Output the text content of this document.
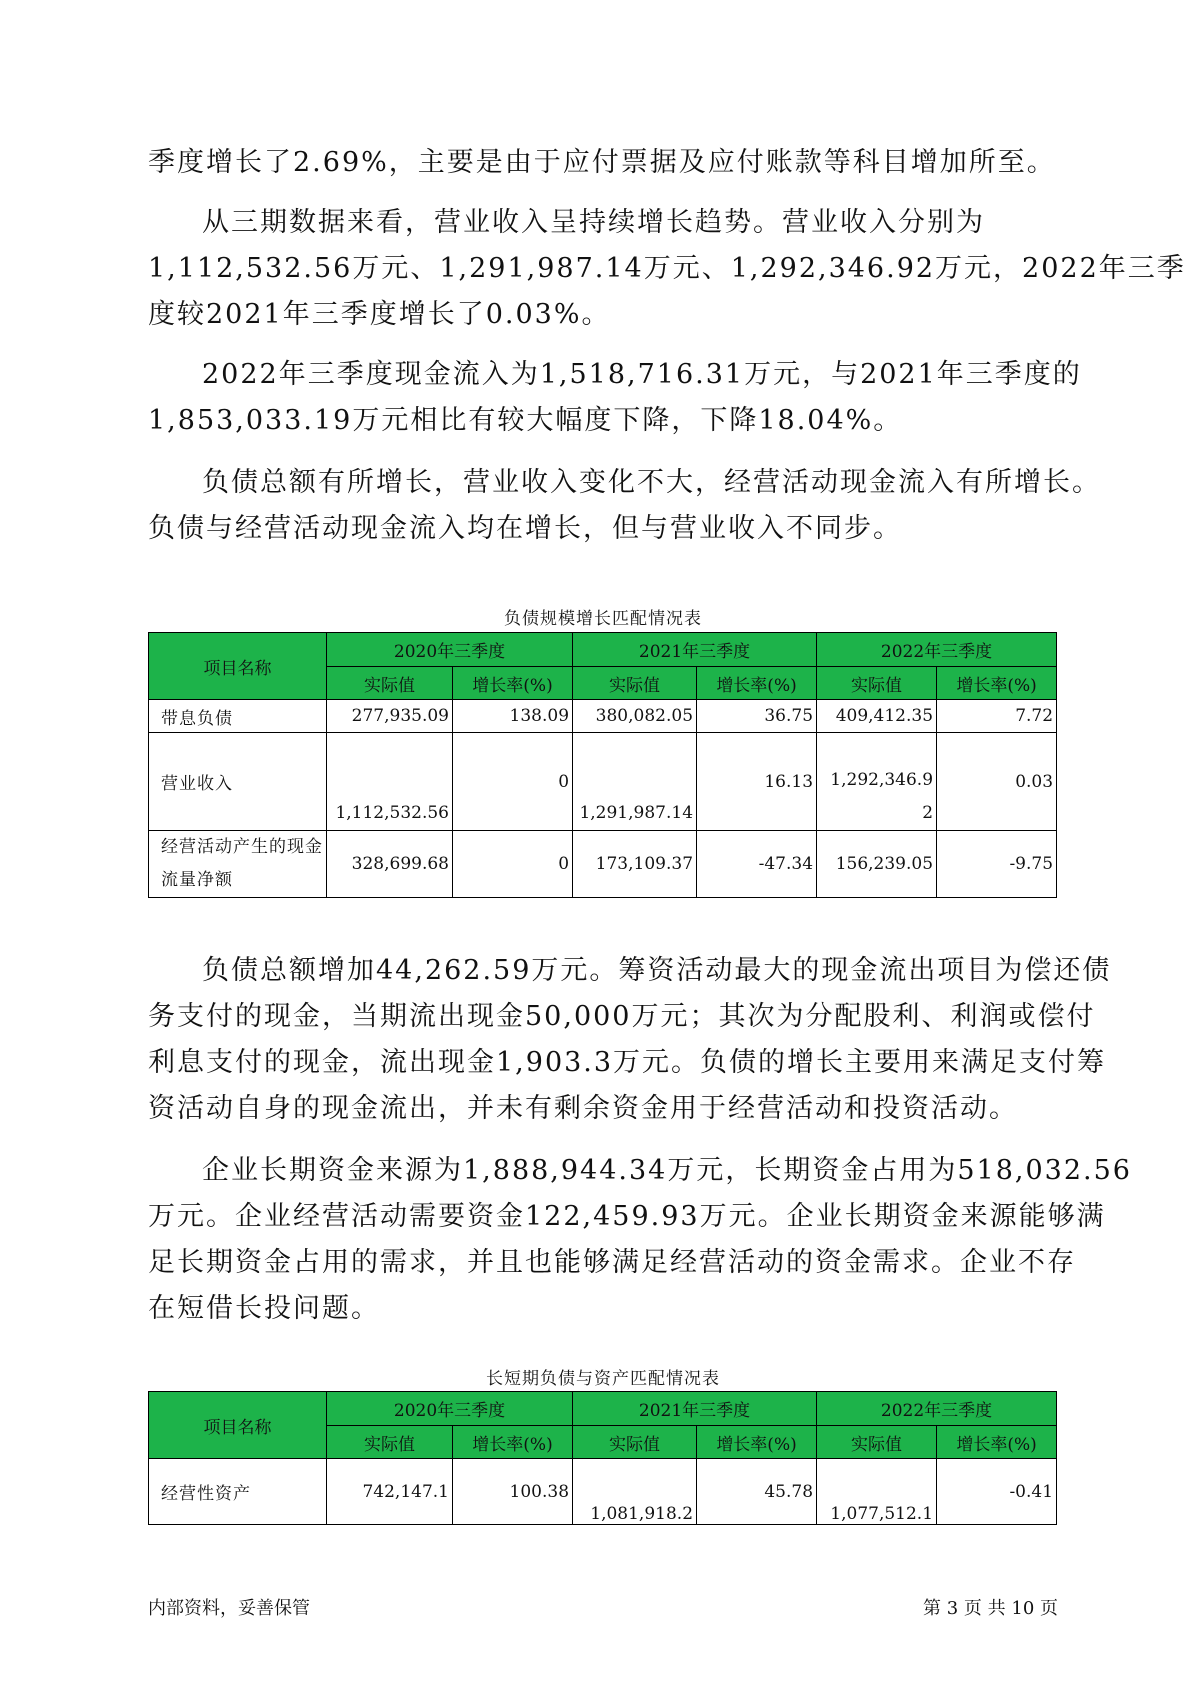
季度增长了2.69%，主要是由于应付票据及应付账款等科目增加所至。

从三期数据来看，营业收入呈持续增长趋势。营业收入分别为
1,112,532.56万元、1,291,987.14万元、1,292,346.92万元，2022年三季
度较2021年三季度增长了0.03%。

2022年三季度现金流入为1,518,716.31万元，与2021年三季度的
1,853,033.19万元相比有较大幅度下降，下降18.04%。

负债总额有所增长，营业收入变化不大，经营活动现金流入有所增长。
负债与经营活动现金流入均在增长，但与营业收入不同步。

负债规模增长匹配情况表
项目名称	2020年三季度		2021年三季度		2022年三季度	
	实际值	增长率(%)	实际值	增长率(%)	实际值	增长率(%)
带息负债	277,935.09	138.09	380,082.05	36.75	409,412.35	7.72
营业收入	1,112,532.56	0	1,291,987.14	16.13	1,292,346.92	0.03
经营活动产生的现金流量净额	328,699.68	0	173,109.37	-47.34	156,239.05	-9.75

负债总额增加44,262.59万元。筹资活动最大的现金流出项目为偿还债
务支付的现金，当期流出现金50,000万元；其次为分配股利、利润或偿付
利息支付的现金，流出现金1,903.3万元。负债的增长主要用来满足支付筹
资活动自身的现金流出，并未有剩余资金用于经营活动和投资活动。

企业长期资金来源为1,888,944.34万元，长期资金占用为518,032.56
万元。企业经营活动需要资金122,459.93万元。企业长期资金来源能够满
足长期资金占用的需求，并且也能够满足经营活动的资金需求。企业不存
在短借长投问题。

长短期负债与资产匹配情况表
项目名称	2020年三季度		2021年三季度		2022年三季度	
	实际值	增长率(%)	实际值	增长率(%)	实际值	增长率(%)
经营性资产	742,147.1	100.38	1,081,918.2	45.78	1,077,512.1	-0.41
内部资料，妥善保管	第 3 页 共 10 页
